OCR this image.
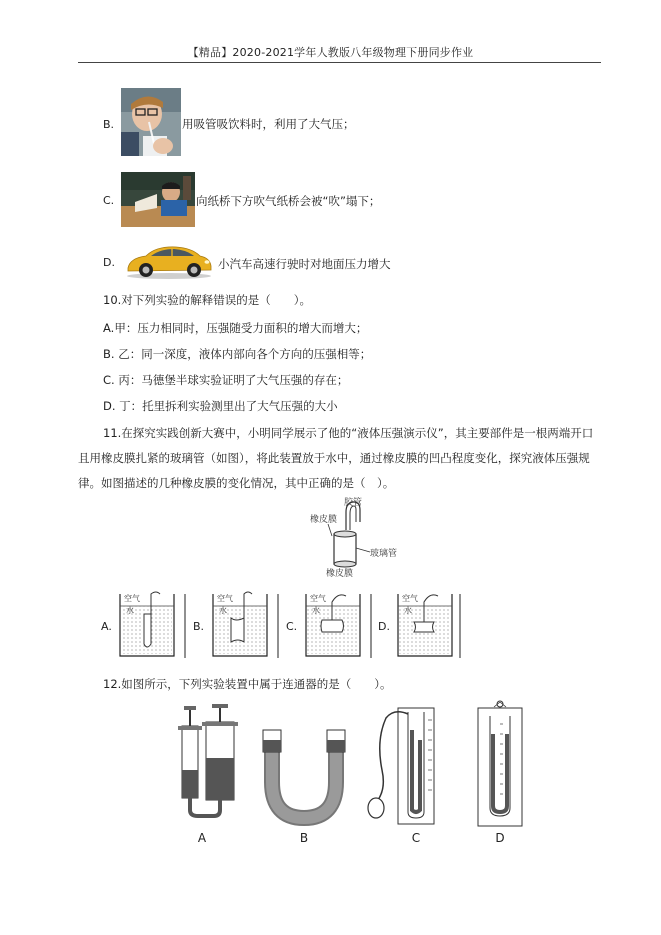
【精品】2020-2021学年人教版八年级物理下册同步作业
B.	用吸管吸饮料时，利用了大气压；
C.	向纸桥下方吹气纸桥会被“吹”塌下；
D.	小汽车高速行驶时对地面压力增大
10.对下列实验的解释错误的是（　　）。
A.甲：压力相同时，压强随受力面积的增大而增大；
B. 乙：同一深度，液体内部向各个方向的压强相等；
C. 丙：马德堡半球实验证明了大气压强的存在；
D. 丁：托里拆利实验测里出了大气压强的大小
11.在探究实践创新大赛中，小明同学展示了他的“液体压强演示仪”，其主要部件是一根两端开口
且用橡皮膜扎紧的玻璃管（如图），将此装置放于水中，通过橡皮膜的凹凸程度变化，探究液体压强规
律。如图描述的几种橡皮膜的变化情况，其中正确的是（　）。
胶管
橡皮膜
玻璃管
橡皮膜
A.
空气
水
B.
空气
水
C.
空气
水
D.
空气
水
12.如图所示，下列实验装置中属于连通器的是（　　）。
A	B	C	D
